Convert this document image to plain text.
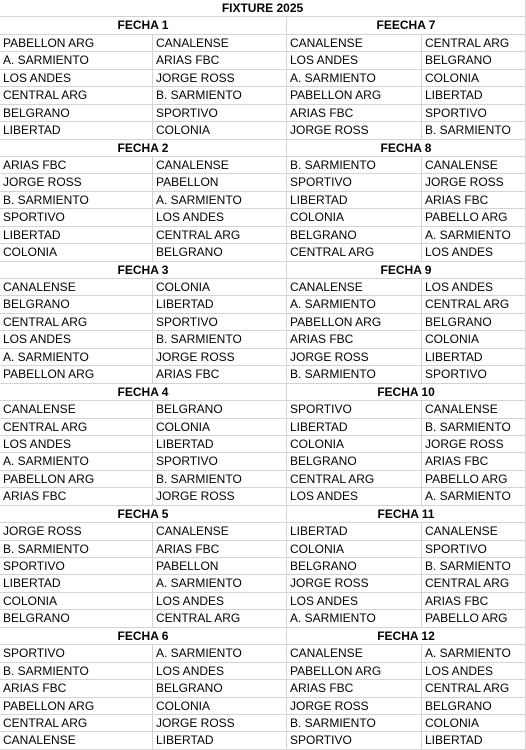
FIXTURE 2025
FECHA 1	FEECHA 7
PABELLON ARG	CANALENSE	CANALENSE	CENTRAL ARG
A. SARMIENTO	ARIAS FBC	LOS ANDES	BELGRANO
LOS ANDES	JORGE ROSS	A. SARMIENTO	COLONIA
CENTRAL ARG	B. SARMIENTO	PABELLON ARG	LIBERTAD
BELGRANO	SPORTIVO	ARIAS FBC	SPORTIVO
LIBERTAD	COLONIA	JORGE ROSS	B. SARMIENTO
FECHA 2	FECHA 8
ARIAS FBC	CANALENSE	B. SARMIENTO	CANALENSE
JORGE ROSS	PABELLON	SPORTIVO	JORGE ROSS
B. SARMIENTO	A. SARMIENTO	LIBERTAD	ARIAS FBC
SPORTIVO	LOS ANDES	COLONIA	PABELLO ARG
LIBERTAD	CENTRAL ARG	BELGRANO	A. SARMIENTO
COLONIA	BELGRANO	CENTRAL ARG	LOS ANDES
FECHA 3	FECHA 9
CANALENSE	COLONIA	CANALENSE	LOS ANDES
BELGRANO	LIBERTAD	A. SARMIENTO	CENTRAL ARG
CENTRAL ARG	SPORTIVO	PABELLON ARG	BELGRANO
LOS ANDES	B. SARMIENTO	ARIAS FBC	COLONIA
A. SARMIENTO	JORGE ROSS	JORGE ROSS	LIBERTAD
PABELLON ARG	ARIAS FBC	B. SARMIENTO	SPORTIVO
FECHA 4	FECHA 10
CANALENSE	BELGRANO	SPORTIVO	CANALENSE
CENTRAL ARG	COLONIA	LIBERTAD	B. SARMIENTO
LOS ANDES	LIBERTAD	COLONIA	JORGE ROSS
A. SARMIENTO	SPORTIVO	BELGRANO	ARIAS FBC
PABELLON ARG	B. SARMIENTO	CENTRAL ARG	PABELLO ARG
ARIAS FBC	JORGE ROSS	LOS ANDES	A. SARMIENTO
FECHA 5	FECHA 11
JORGE ROSS	CANALENSE	LIBERTAD	CANALENSE
B. SARMIENTO	ARIAS FBC	COLONIA	SPORTIVO
SPORTIVO	PABELLON	BELGRANO	B. SARMIENTO
LIBERTAD	A. SARMIENTO	JORGE ROSS	CENTRAL ARG
COLONIA	LOS ANDES	LOS ANDES	ARIAS FBC
BELGRANO	CENTRAL ARG	A. SARMIENTO	PABELLO ARG
FECHA 6	FECHA 12
SPORTIVO	A. SARMIENTO	CANALENSE	A. SARMIENTO
B. SARMIENTO	LOS ANDES	PABELLON ARG	LOS ANDES
ARIAS FBC	BELGRANO	ARIAS FBC	CENTRAL ARG
PABELLON ARG	COLONIA	JORGE ROSS	BELGRANO
CENTRAL ARG	JORGE ROSS	B. SARMIENTO	COLONIA
CANALENSE	LIBERTAD	SPORTIVO	LIBERTAD
